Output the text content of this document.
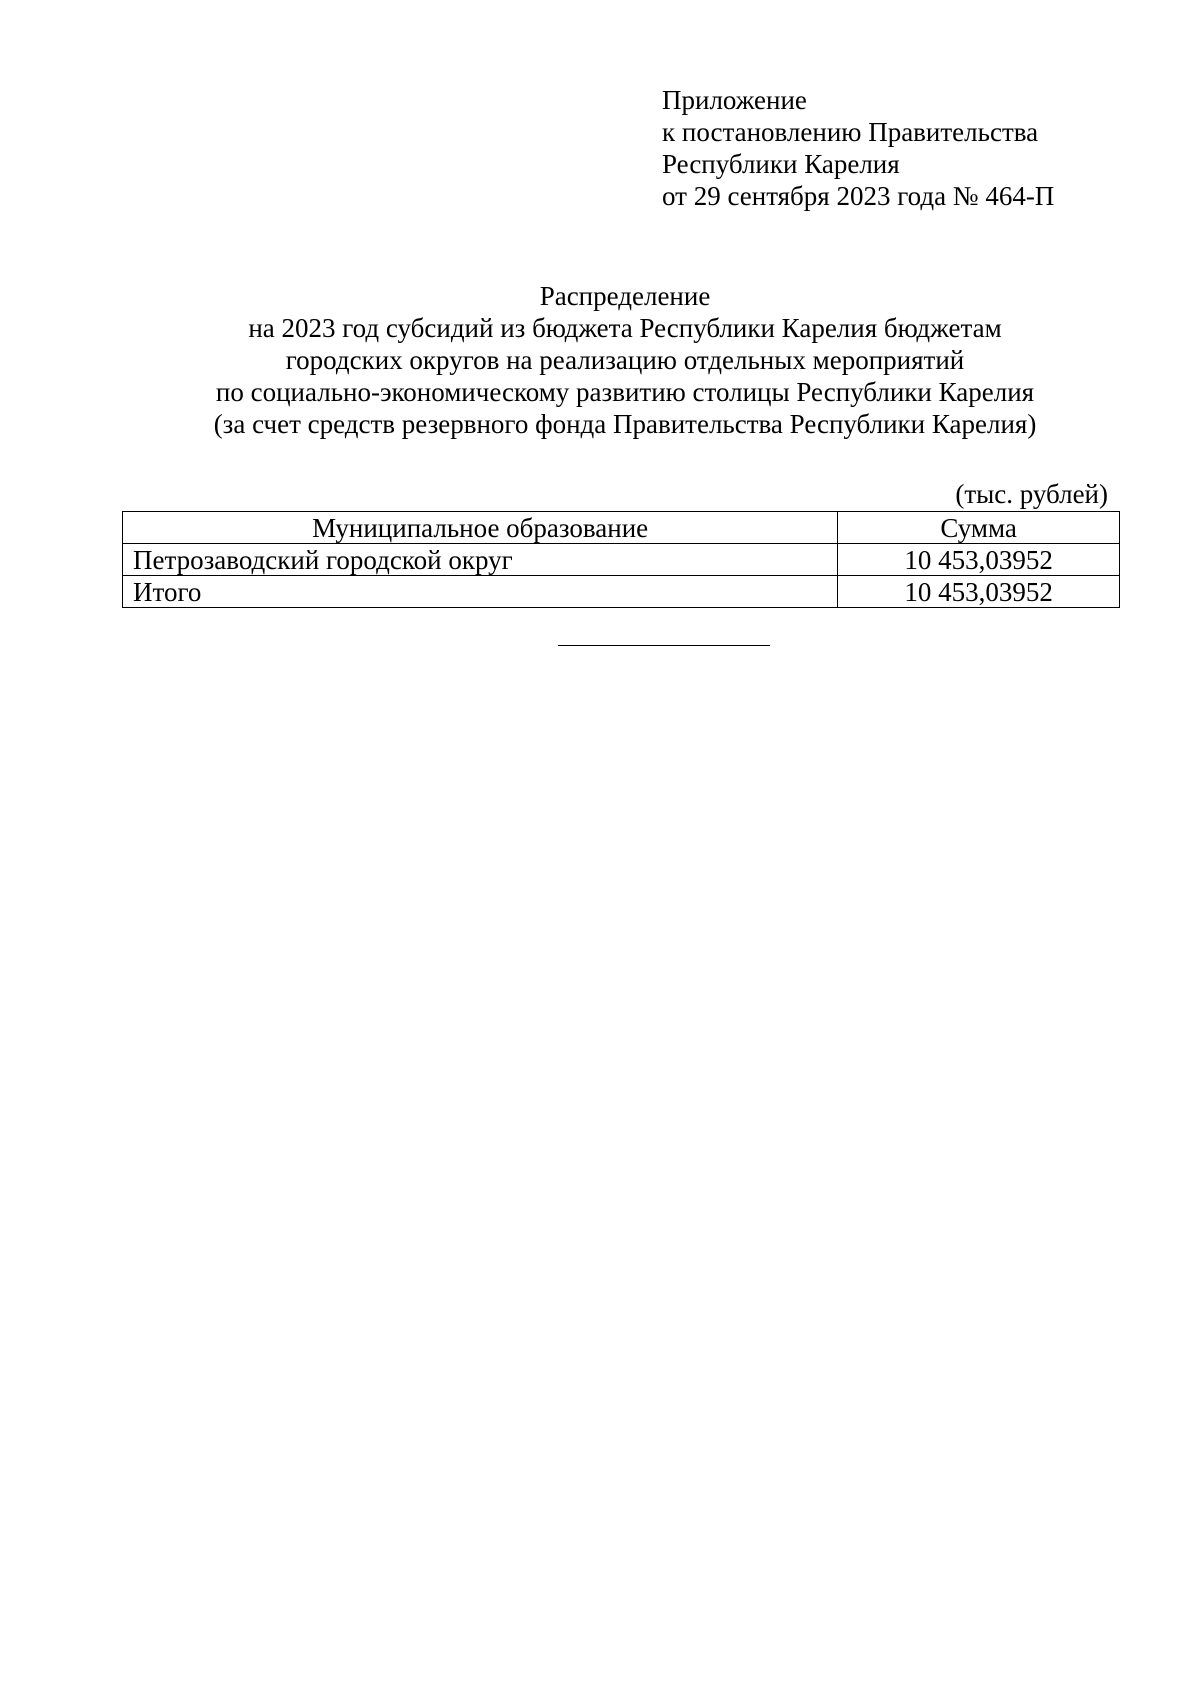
Приложение
к постановлению Правительства
Республики Карелия
от 29 сентября 2023 года № 464-П
Распределение
на 2023 год субсидий из бюджета Республики Карелия бюджетам
городских округов на реализацию отдельных мероприятий
по социально-экономическому развитию столицы Республики Карелия
(за счет средств резервного фонда Правительства Республики Карелия)
(тыс. рублей)
Муниципальное образование	Сумма
Петрозаводский городской округ	10 453,03952
Итого	10 453,03952
